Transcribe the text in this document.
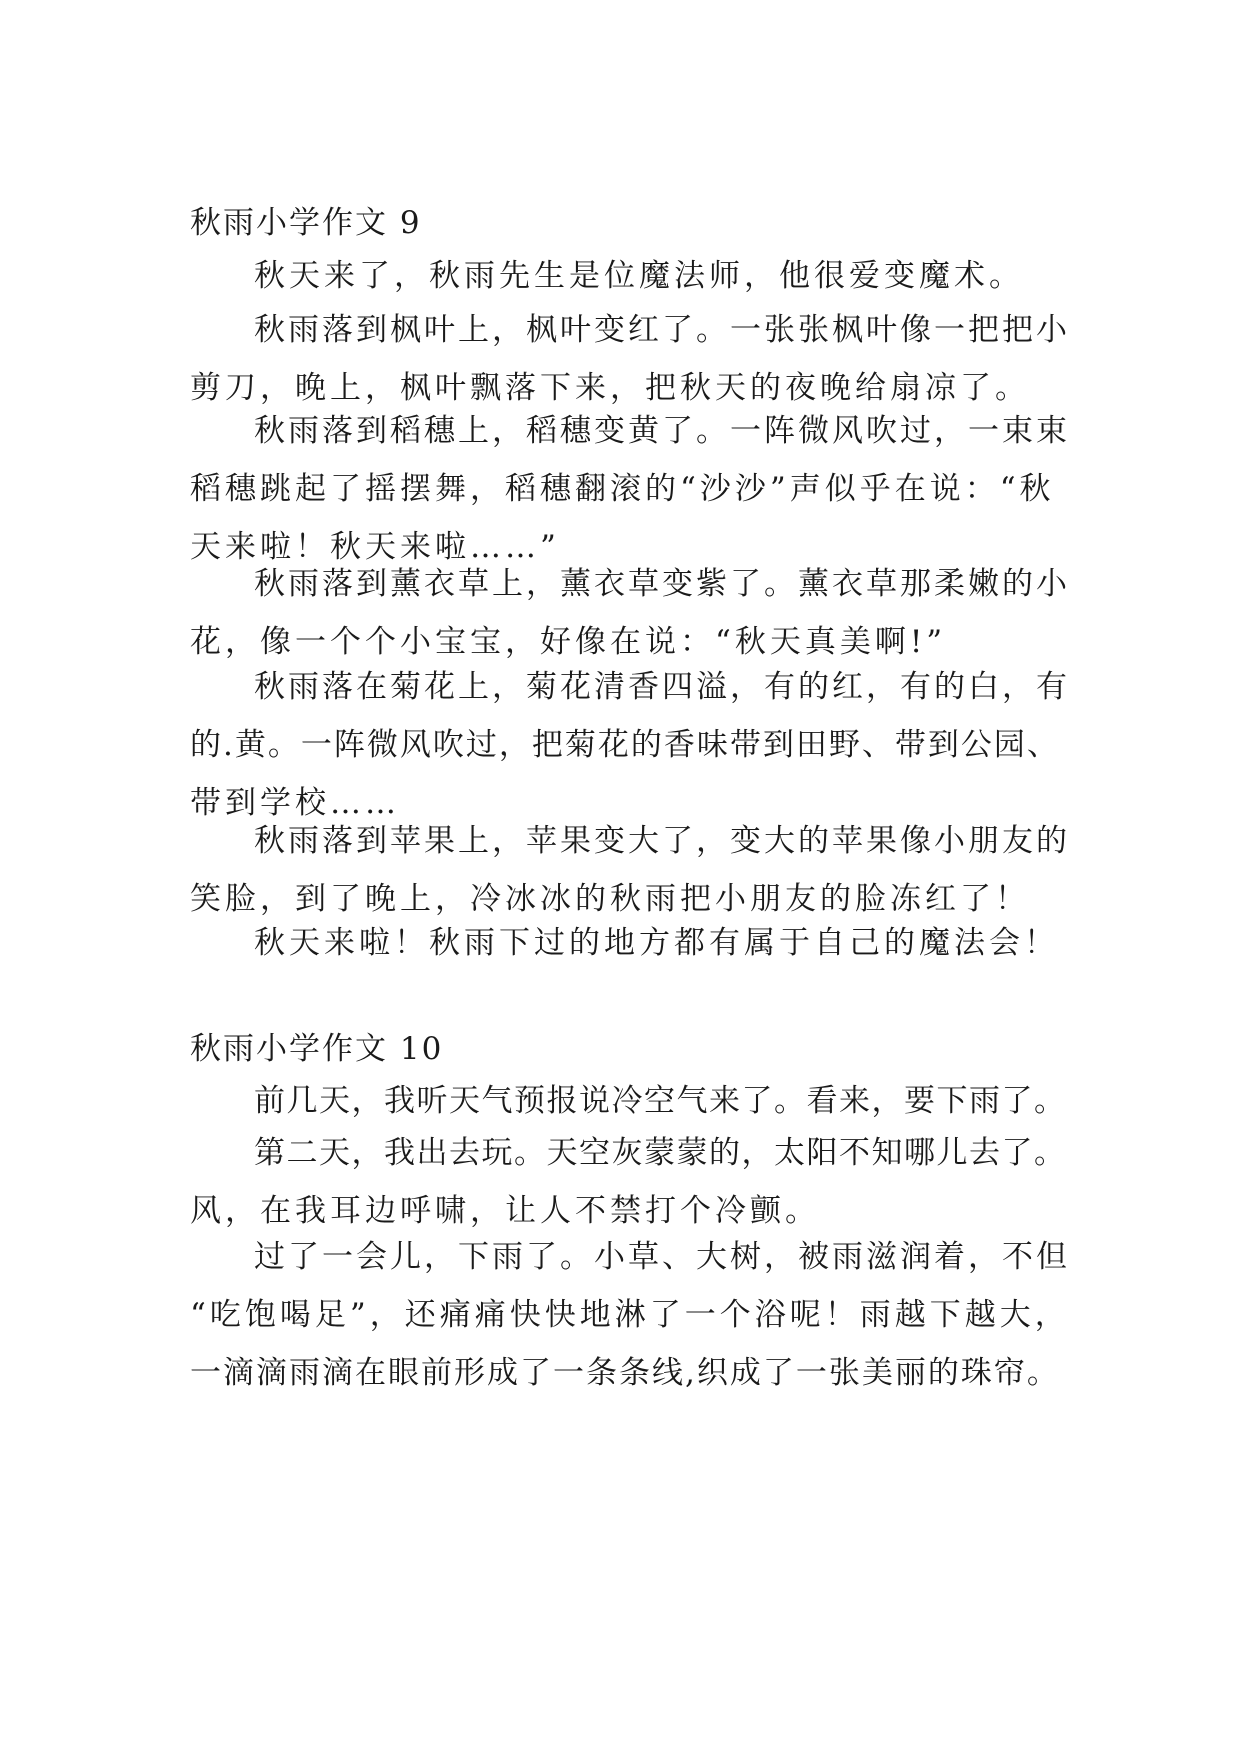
秋雨小学作文 9
秋天来了，秋雨先生是位魔法师，他很爱变魔术。
秋雨落到枫叶上，枫叶变红了。一张张枫叶像一把把小
剪刀，晚上，枫叶飘落下来，把秋天的夜晚给扇凉了。
秋雨落到稻穗上，稻穗变黄了。一阵微风吹过，一束束
稻穗跳起了摇摆舞，稻穗翻滚的“沙沙”声似乎在说：“秋
天来啦！秋天来啦……”
秋雨落到薰衣草上，薰衣草变紫了。薰衣草那柔嫩的小
花，像一个个小宝宝，好像在说：“秋天真美啊!”
秋雨落在菊花上，菊花清香四溢，有的红，有的白，有
的.黄。一阵微风吹过，把菊花的香味带到田野、带到公园、
带到学校……
秋雨落到苹果上，苹果变大了，变大的苹果像小朋友的
笑脸，到了晚上，冷冰冰的秋雨把小朋友的脸冻红了！
秋天来啦！秋雨下过的地方都有属于自己的魔法会！
秋雨小学作文 10
前几天，我听天气预报说冷空气来了。看来，要下雨了。
第二天，我出去玩。天空灰蒙蒙的，太阳不知哪儿去了。
风，在我耳边呼啸，让人不禁打个冷颤。
过了一会儿，下雨了。小草、大树，被雨滋润着，不但
“吃饱喝足”，还痛痛快快地淋了一个浴呢！雨越下越大，
一滴滴雨滴在眼前形成了一条条线,织成了一张美丽的珠帘。
